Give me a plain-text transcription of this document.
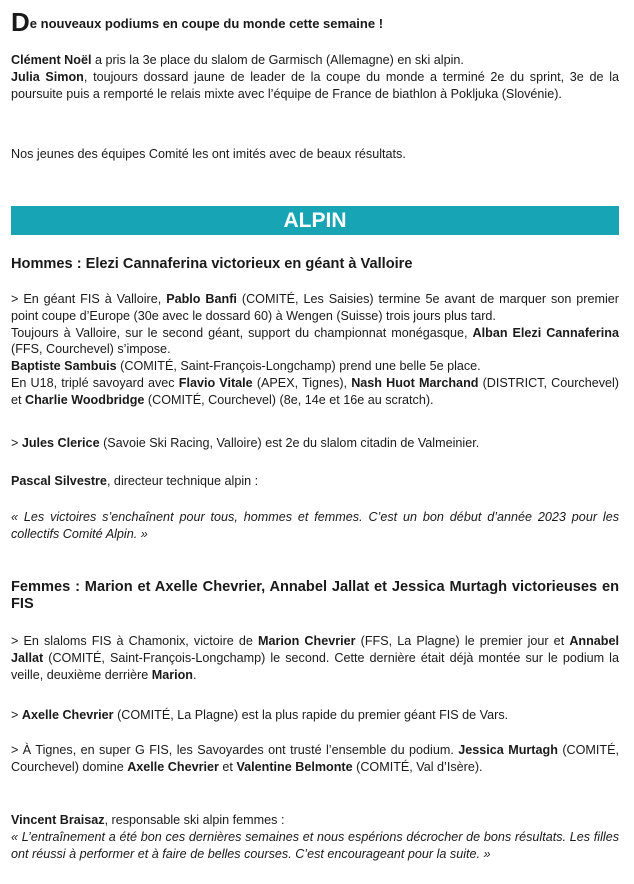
De nouveaux podiums en coupe du monde cette semaine !

Clément Noël a pris la 3e place du slalom de Garmisch (Allemagne) en ski alpin.
Julia Simon, toujours dossard jaune de leader de la coupe du monde a terminé 2e du sprint, 3e de la poursuite puis a remporté le relais mixte avec l’équipe de France de biathlon à Pokljuka (Slovénie).

Nos jeunes des équipes Comité les ont imités avec de beaux résultats.

ALPIN
Hommes : Elezi Cannaferina victorieux en géant à Valloire

> En géant FIS à Valloire, Pablo Banfi (COMITÉ, Les Saisies) termine 5e avant de marquer son premier point coupe d’Europe (30e avec le dossard 60) à Wengen (Suisse) trois jours plus tard.
Toujours à Valloire, sur le second géant, support du championnat monégasque, Alban Elezi Cannaferina (FFS, Courchevel) s’impose.
Baptiste Sambuis (COMITÉ, Saint-François-Longchamp) prend une belle 5e place.
En U18, triplé savoyard avec Flavio Vitale (APEX, Tignes), Nash Huot Marchand (DISTRICT, Courchevel) et Charlie Woodbridge (COMITÉ, Courchevel) (8e, 14e et 16e au scratch).

> Jules Clerice (Savoie Ski Racing, Valloire) est 2e du slalom citadin de Valmeinier.

Pascal Silvestre, directeur technique alpin :

« Les victoires s’enchaînent pour tous, hommes et femmes. C’est un bon début d’année 2023 pour les collectifs Comité Alpin. »

Femmes : Marion et Axelle Chevrier, Annabel Jallat et Jessica Murtagh victorieuses en FIS

> En slaloms FIS à Chamonix, victoire de Marion Chevrier (FFS, La Plagne) le premier jour et Annabel Jallat (COMITÉ, Saint-François-Longchamp) le second. Cette dernière était déjà montée sur le podium la veille, deuxième derrière Marion.

> Axelle Chevrier (COMITÉ, La Plagne) est la plus rapide du premier géant FIS de Vars.

> À Tignes, en super G FIS, les Savoyardes ont trusté l’ensemble du podium. Jessica Murtagh (COMITÉ, Courchevel) domine Axelle Chevrier et Valentine Belmonte (COMITÉ, Val d’Isère).

Vincent Braisaz, responsable ski alpin femmes :
« L’entraînement a été bon ces dernières semaines et nous espérions décrocher de bons résultats. Les filles ont réussi à performer et à faire de belles courses. C’est encourageant pour la suite. »
